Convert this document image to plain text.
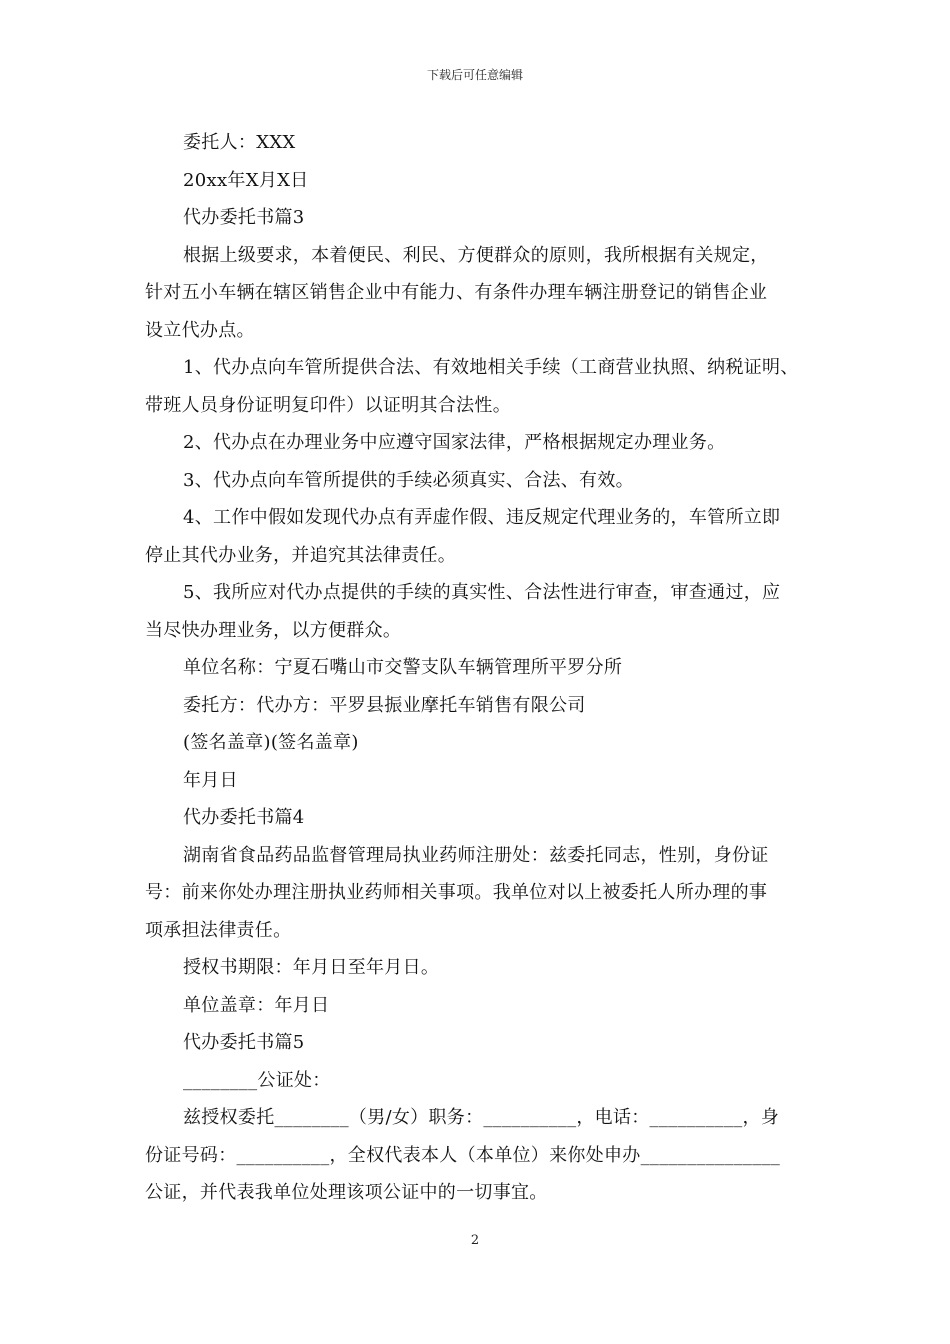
下载后可任意编辑
委托人：XXX
20xx年X月X日
代办委托书篇3
根据上级要求，本着便民、利民、方便群众的原则，我所根据有关规定，
针对五小车辆在辖区销售企业中有能力、有条件办理车辆注册登记的销售企业
设立代办点。
1、代办点向车管所提供合法、有效地相关手续（工商营业执照、纳税证明、
带班人员身份证明复印件）以证明其合法性。
2、代办点在办理业务中应遵守国家法律，严格根据规定办理业务。
3、代办点向车管所提供的手续必须真实、合法、有效。
4、工作中假如发现代办点有弄虚作假、违反规定代理业务的，车管所立即
停止其代办业务，并追究其法律责任。
5、我所应对代办点提供的手续的真实性、合法性进行审查，审查通过，应
当尽快办理业务，以方便群众。
单位名称：宁夏石嘴山市交警支队车辆管理所平罗分所
委托方：代办方：平罗县振业摩托车销售有限公司
(签名盖章)(签名盖章)
年月日
代办委托书篇4
湖南省食品药品监督管理局执业药师注册处：兹委托同志，性别，身份证
号：前来你处办理注册执业药师相关事项。我单位对以上被委托人所办理的事
项承担法律责任。
授权书期限：年月日至年月日。
单位盖章：年月日
代办委托书篇5
________公证处：
兹授权委托________（男/女）职务：__________，电话：__________，身
份证号码：__________，全权代表本人（本单位）来你处申办_______________
公证，并代表我单位处理该项公证中的一切事宜。
2
